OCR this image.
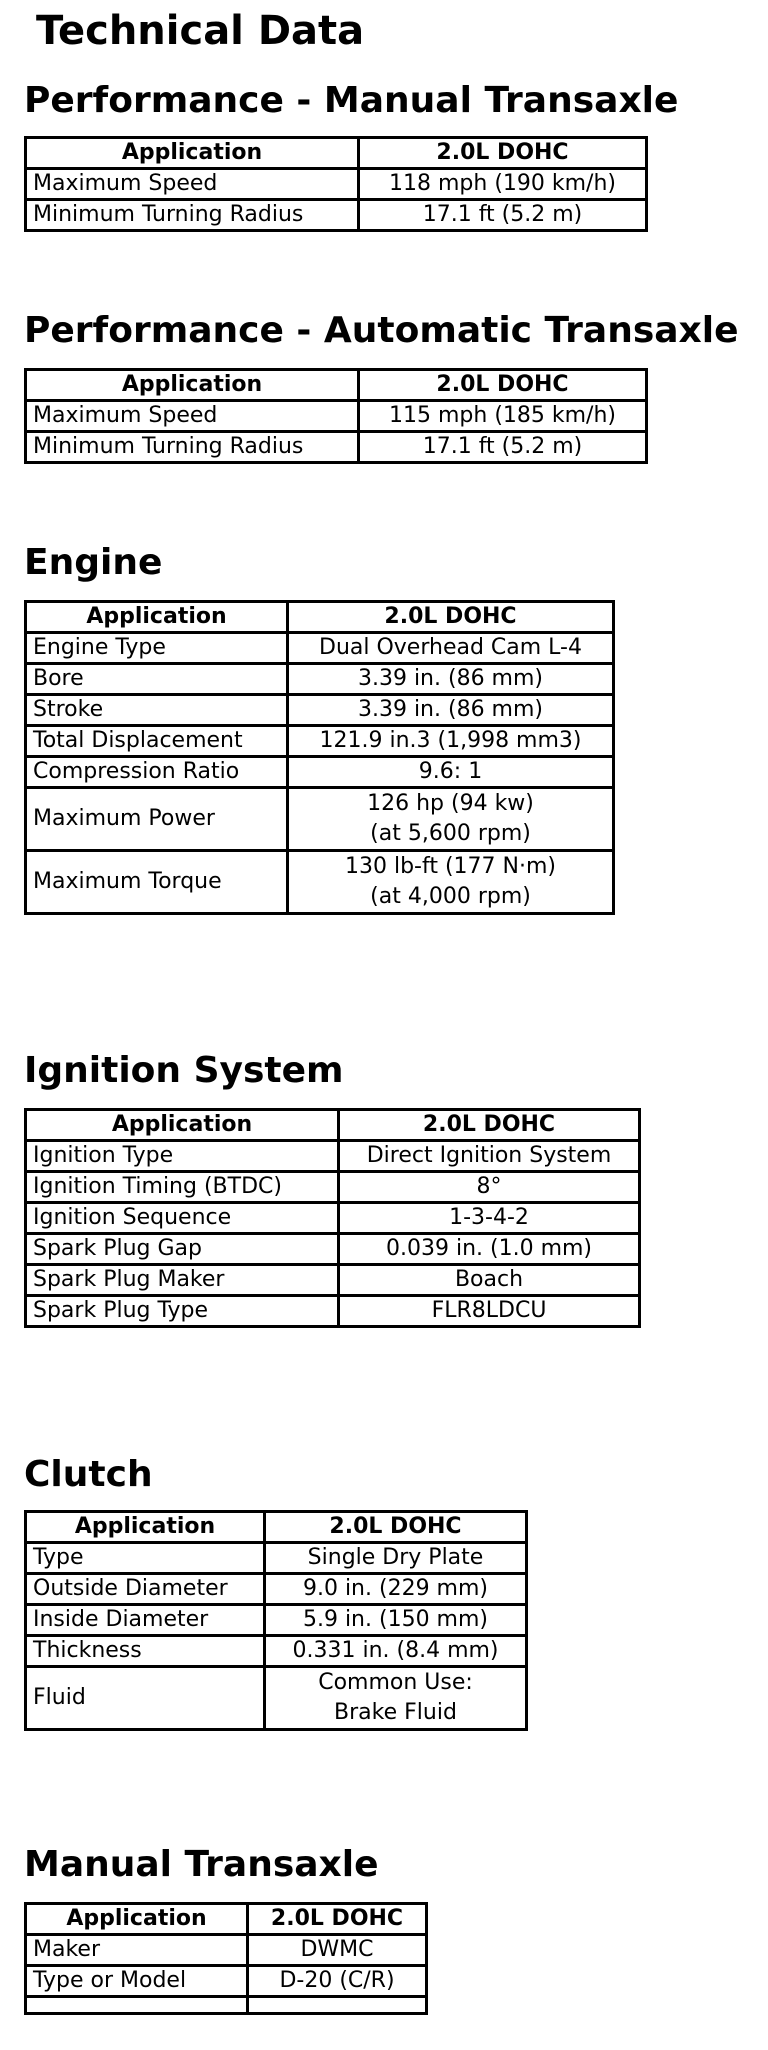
Technical Data
Performance - Manual Transaxle
Application	2.0L DOHC
Maximum Speed	118 mph (190 km/h)
Minimum Turning Radius	17.1 ft (5.2 m)
Performance - Automatic Transaxle
Application	2.0L DOHC
Maximum Speed	115 mph (185 km/h)
Minimum Turning Radius	17.1 ft (5.2 m)
Engine
Application	2.0L DOHC
Engine Type	Dual Overhead Cam L-4
Bore	3.39 in. (86 mm)
Stroke	3.39 in. (86 mm)
Total Displacement	121.9 in.3 (1,998 mm3)
Compression Ratio	9.6: 1
Maximum Power	126 hp (94 kw)
(at 5,600 rpm)
Maximum Torque	130 lb-ft (177 N·m)
(at 4,000 rpm)
Ignition System
Application	2.0L DOHC
Ignition Type	Direct Ignition System
Ignition Timing (BTDC)	8°
Ignition Sequence	1-3-4-2
Spark Plug Gap	0.039 in. (1.0 mm)
Spark Plug Maker	Boach
Spark Plug Type	FLR8LDCU
Clutch
Application	2.0L DOHC
Type	Single Dry Plate
Outside Diameter	9.0 in. (229 mm)
Inside Diameter	5.9 in. (150 mm)
Thickness	0.331 in. (8.4 mm)
Fluid	Common Use:
Brake Fluid
Manual Transaxle
Application	2.0L DOHC
Maker	DWMC
Type or Model	D-20 (C/R)
